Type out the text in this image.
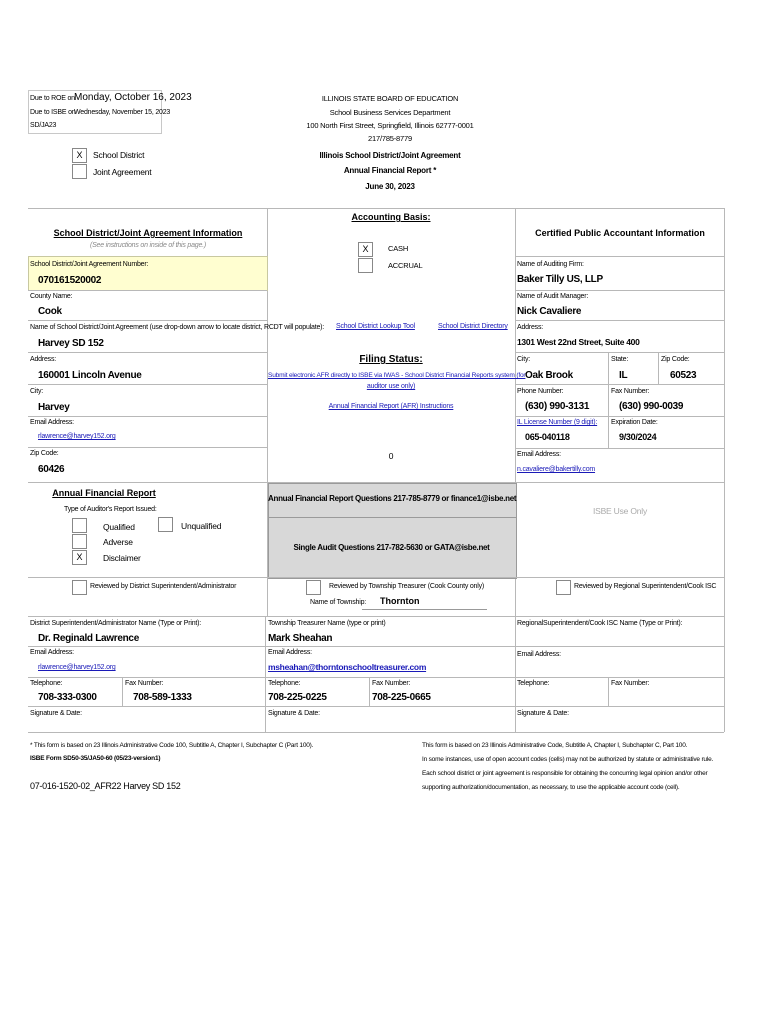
Due to ROE on Monday, October 16, 2023
Due to ISBE on
Wednesday, November 15, 2023
SD/JA23
ILLINOIS STATE BOARD OF EDUCATION
School Business Services Department
100 North First Street, Springfield, Illinois 62777-0001
217/785-8779
Illinois School District/Joint Agreement
Annual Financial Report *
June 30, 2023
X	School District
Joint Agreement
School District/Joint Agreement Information
(See instructions on inside of this page.)
School District/Joint Agreement Number:
070161520002
County Name:
Cook
Name of School District/Joint Agreement (use drop-down arrow to locate district, RCDT will populate):
Harvey SD 152
Address:
160001 Lincoln Avenue
City:
Harvey
Email Address:
rlawrence@harvey152.org
Zip Code:
60426
Accounting Basis:
X	CASH
ACCRUAL
School District Lookup Tool	School District Directory
Filing Status:
Submit electronic AFR directly to ISBE via IWAS - School District Financial Reports system (for
auditor use only)
Annual Financial Report (AFR) Instructions
0
Certified Public Accountant Information
Name of Auditing Firm:
Baker Tilly US, LLP
Name of Audit Manager:
Nick Cavaliere
Address:
1301 West 22nd Street, Suite 400
City:
Oak Brook
State:
IL
Zip Code:
60523
Phone Number:
(630) 990-3131
Fax Number:
(630) 990-0039
IL License Number (9 digit):
065-040118
Expiration Date:
9/30/2024
Email Address:
n.cavaliere@bakertilly.com
Annual Financial Report
Type of Auditor's Report Issued:
Qualified	Unqualified
Adverse
X	Disclaimer
Annual Financial Report Questions 217-785-8779 or finance1@isbe.net
Single Audit Questions 217-782-5630 or GATA@isbe.net
ISBE Use Only
Reviewed by District Superintendent/Administrator	Reviewed by Township Treasurer (Cook County only)
Name of Township: Thornton
Reviewed by Regional Superintendent/Cook ISC
District Superintendent/Administrator Name (Type or Print):
Dr. Reginald Lawrence
Email Address:
rlawrence@harvey152.org
Telephone:
708-333-0300
Fax Number:
708-589-1333
Signature & Date:
Township Treasurer Name (type or print)
Mark Sheahan
Email Address:
msheahan@thorntonschooltreasurer.com
Telephone:
708-225-0225
Fax Number:
708-225-0665
Signature & Date:
RegionalSuperintendent/Cook ISC Name (Type or Print):
Email Address:
Telephone:	Fax Number:
Signature & Date:
* This form is based on 23 Illinois Administrative Code 100, Subtitle A, Chapter I, Subchapter C (Part 100).
ISBE Form SD50-35/JA50-60 (05/23-version1)
07-016-1520-02_AFR22 Harvey SD 152
This form is based on 23 Illinois Administrative Code, Subtitle A, Chapter I, Subchapter C, Part 100.
In some instances, use of open account codes (cells) may not be authorized by statute or administrative rule.
Each school district or joint agreement is responsible for obtaining the concurring legal opinion and/or other
supporting authorization/documentation, as necessary, to use the applicable account code (cell).
